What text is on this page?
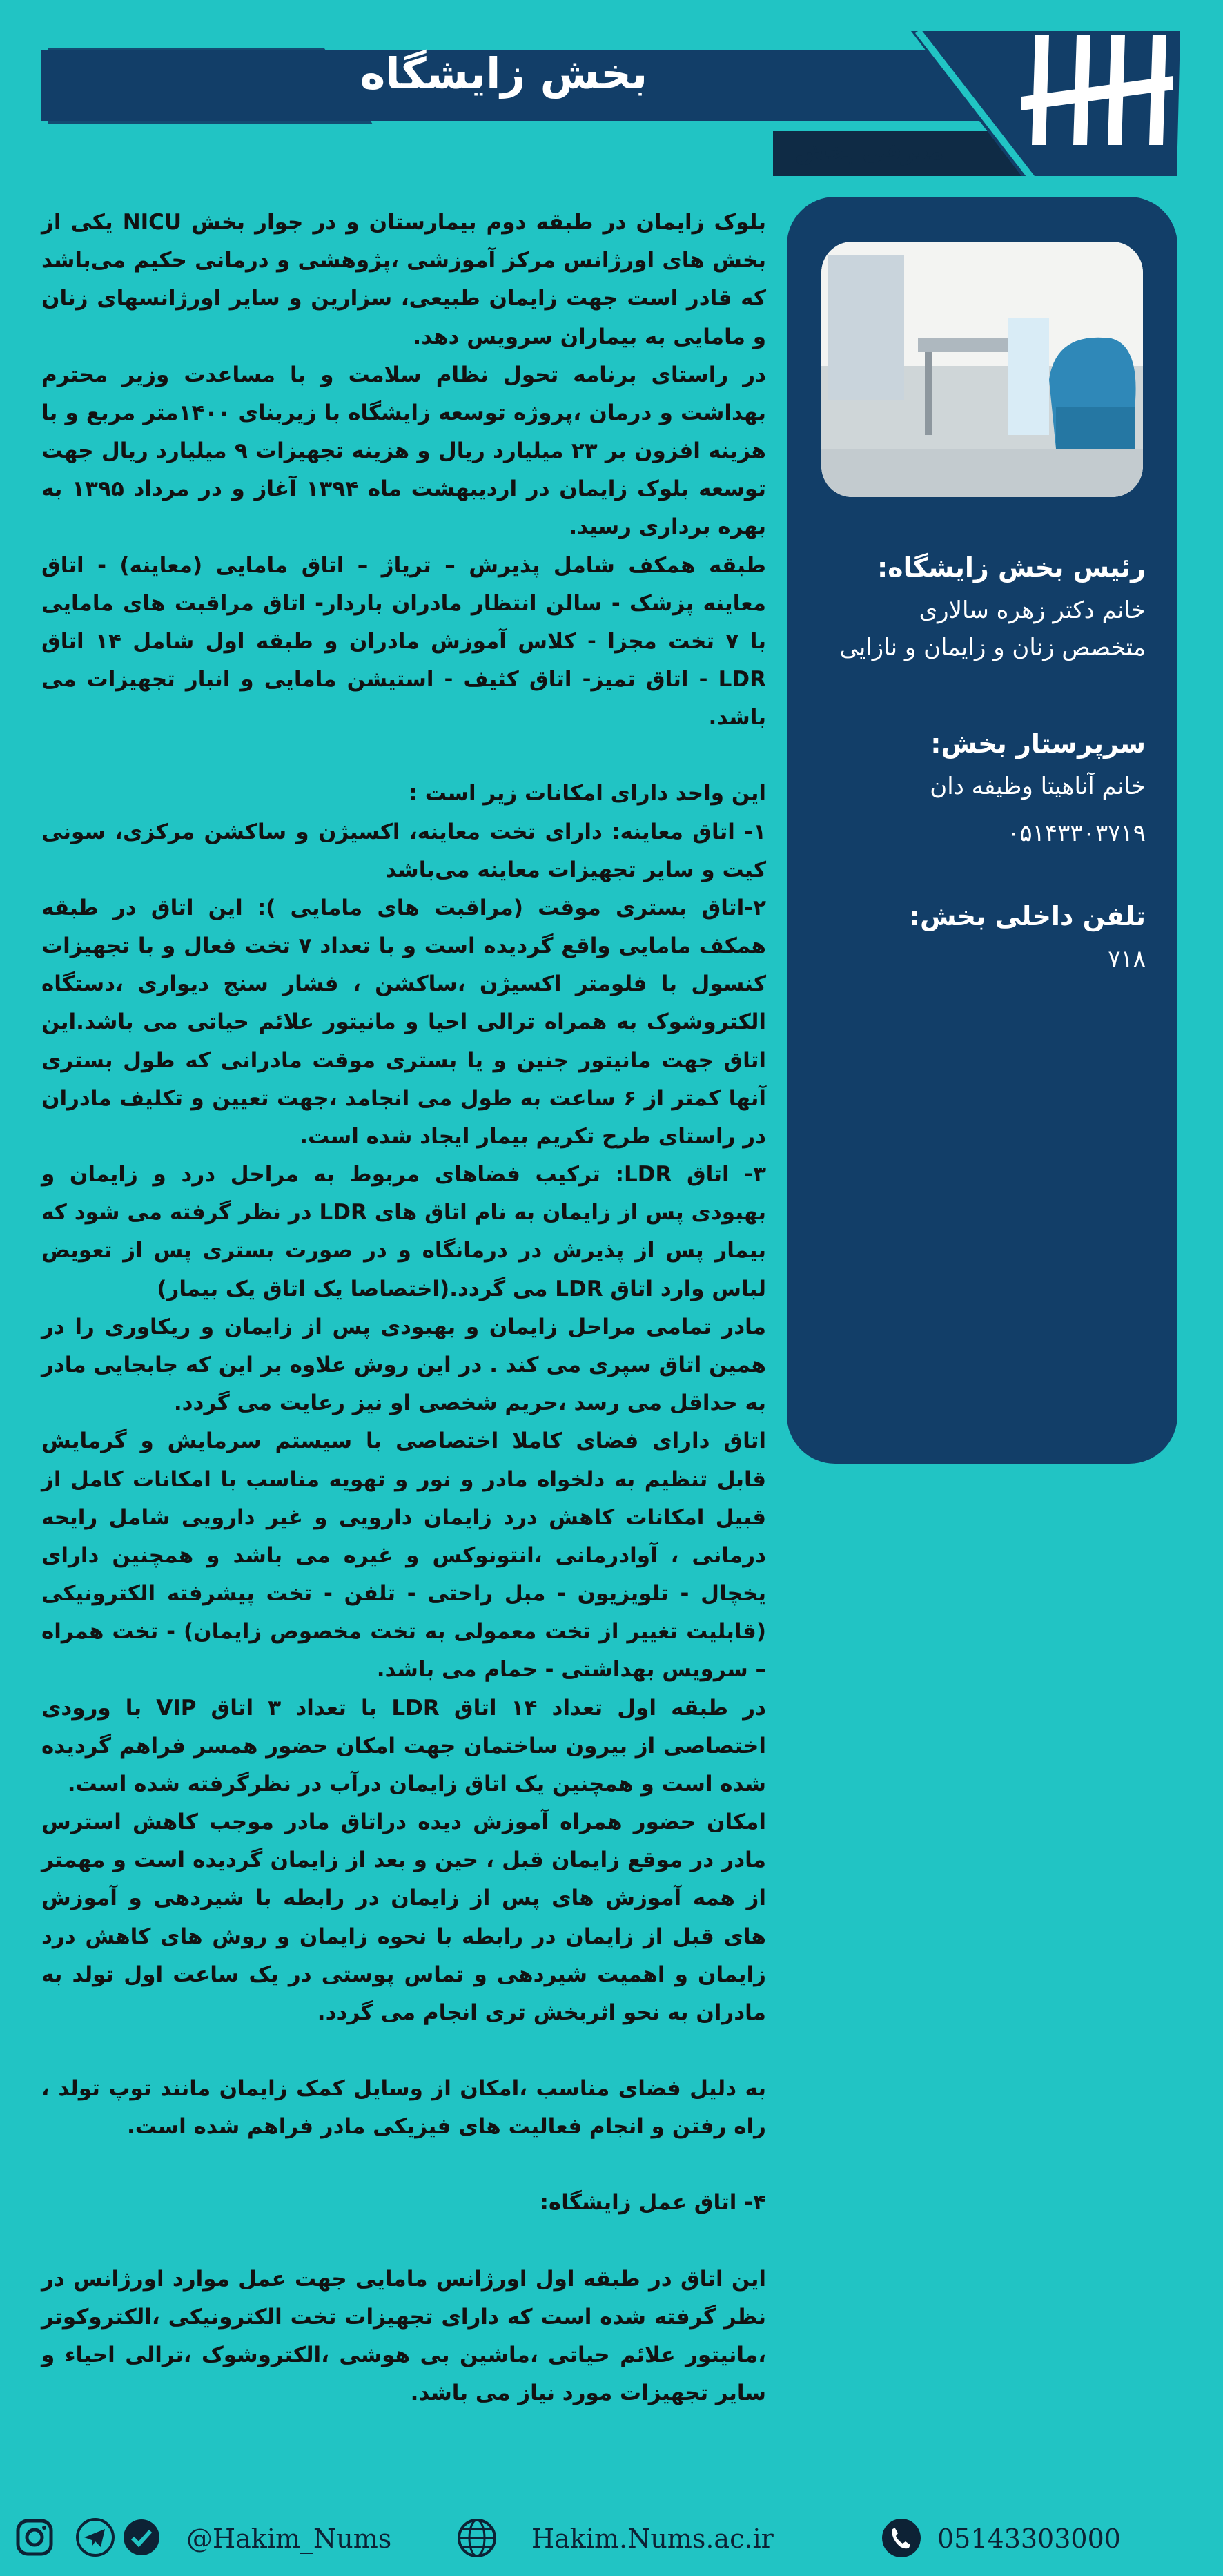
بخش زایشگاه
معرفی بخش
رئیس بخش زایشگاه:
خانم دکتر زهره سالاری
متخصص زنان و زایمان و نازایی
سرپرستار بخش:
خانم آناهیتا وظیفه دان
۰۵۱۴۳۳۰۳۷۱۹
تلفن داخلی بخش:
۷۱۸

بلوک زایمان در طبقه دوم بیمارستان و در جوار بخش NICU یکی از بخش های اورژانس مرکز آموزشی ،پژوهشی و درمانی حکیم می‌باشد که قادر است جهت زایمان طبیعی، سزارین و سایر اورژانسهای زنان و مامایی به بیماران سرویس دهد.

در راستای برنامه تحول نظام سلامت و با مساعدت وزیر محترم بهداشت و درمان ،پروژه توسعه زایشگاه با زیربنای ۱۴۰۰متر مربع و با هزینه افزون بر ۲۳ میلیارد ریال و هزینه تجهیزات ۹ میلیارد ریال جهت توسعه بلوک زایمان در اردیبهشت ماه ۱۳۹۴ آغاز و در مرداد ۱۳۹۵ به بهره برداری رسید.

طبقه همکف شامل پذیرش – تریاژ – اتاق مامایی (معاینه) - اتاق معاینه پزشک - سالن انتظار مادران باردار- اتاق مراقبت های مامایی با ۷ تخت مجزا - کلاس آموزش مادران و طبقه اول شامل ۱۴ اتاق LDR - اتاق تمیز- اتاق کثیف - استیشن مامایی و انبار تجهیزات می باشد.

این واحد دارای امکانات زیر است :

۱- اتاق معاینه: دارای تخت معاینه، اکسیژن و ساکشن مرکزی، سونی کیت و سایر تجهیزات معاینه می‌باشد

۲-اتاق بستری موقت (مراقبت های مامایی ): این اتاق در طبقه همکف مامایی واقع گردیده است و با تعداد ۷ تخت فعال و با تجهیزات کنسول با فلومتر اکسیژن ،ساکشن ، فشار سنج دیواری ،دستگاه الکتروشوک به همراه ترالی احیا و مانیتور علائم حیاتی می باشد.این اتاق جهت مانیتور جنین و یا بستری موقت مادرانی که طول بستری آنها کمتر از ۶ ساعت به طول می انجامد ،جهت تعیین و تکلیف مادران در راستای طرح تکریم بیمار ایجاد شده است.

۳- اتاق LDR: ترکیب فضاهای مربوط به مراحل درد و زایمان و بهبودی پس از زایمان به نام اتاق های LDR در نظر گرفته می شود که بیمار پس از پذیرش در درمانگاه و در صورت بستری پس از تعویض لباس وارد اتاق LDR می گردد.(اختصاصا یک اتاق یک بیمار)

مادر تمامی مراحل زایمان و بهبودی پس از زایمان و ریکاوری را در همین اتاق سپری می کند . در این روش علاوه بر این که جابجایی مادر به حداقل می رسد ،حریم شخصی او نیز رعایت می گردد.

اتاق دارای فضای کاملا اختصاصی با سیستم سرمایش و گرمایش قابل تنظیم به دلخواه مادر و نور و تهویه مناسب با امکانات کامل از قبیل امکانات کاهش درد زایمان دارویی و غیر دارویی شامل رایحه درمانی ، آوادرمانی ،انتونوکس و غیره می باشد و همچنین دارای یخچال - تلویزیون - مبل راحتی - تلفن - تخت پیشرفته الکترونیکی (قابلیت تغییر از تخت معمولی به تخت مخصوص زایمان) - تخت همراه – سرویس بهداشتی - حمام می باشد.

در طبقه اول تعداد ۱۴ اتاق LDR با تعداد ۳ اتاق VIP با ورودی اختصاصی از بیرون ساختمان جهت امکان حضور همسر فراهم گردیده شده است و همچنین یک اتاق زایمان درآب در نظرگرفته شده است.

امکان حضور همراه آموزش دیده دراتاق مادر موجب کاهش استرس مادر در موقع زایمان قبل ، حین و بعد از زایمان گردیده است و مهمتر از همه آموزش های پس از زایمان در رابطه با شیردهی و آموزش های قبل از زایمان در رابطه با نحوه زایمان و روش های کاهش درد زایمان و اهمیت شیردهی و تماس پوستی در یک ساعت اول تولد به مادران به نحو اثربخش تری انجام می گردد.

به دلیل فضای مناسب ،امکان از وسایل کمک زایمان مانند توپ تولد ، راه رفتن و انجام فعالیت های فیزیکی مادر فراهم شده است.

۴- اتاق عمل زایشگاه:

این اتاق در طبقه اول اورژانس مامایی جهت عمل موارد اورژانس در نظر گرفته شده است که دارای تجهیزات تخت الکترونیکی ،الکتروکوتر ،مانیتور علائم حیاتی ،ماشین بی هوشی ،الکتروشوک ،ترالی احیاء و سایر تجهیزات مورد نیاز می باشد.

@Hakim_Nums	Hakim.Nums.ac.ir	05143303000
